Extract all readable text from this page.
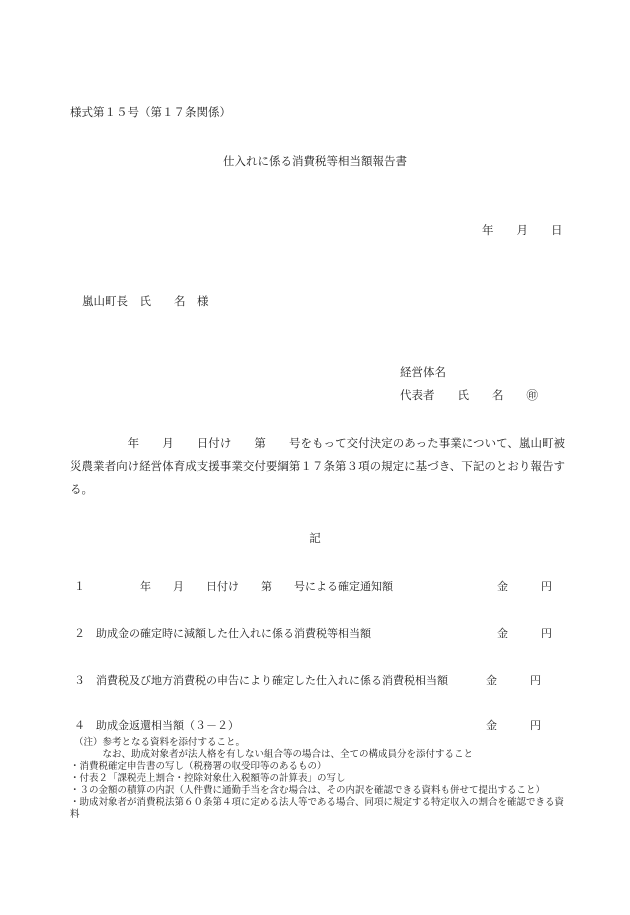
様式第１５号（第１７条関係）
仕入れに係る消費税等相当額報告書
年　　月　　日
嵐山町長　氏　　名　様
経営体名
代表者　　氏　　名　　㊞
　　　　　年　　月　　日付け　　第　　号をもって交付決定のあった事業について、嵐山町被災農業者向け経営体育成支援事業交付要綱第１７条第３項の規定に基づき、下記のとおり報告する。
記
１ 　　　　年　　月　　日付け　　第　　号による確定通知額	金　　　円
２ 助成金の確定時に減額した仕入れに係る消費税等相当額	金　　　円
３ 消費税及び地方消費税の申告により確定した仕入れに係る消費税相当額	金　　　円
４ 助成金返還相当額（３－２）	金　　　円
（注）参考となる資料を添付すること。
　　　なお、助成対象者が法人格を有しない組合等の場合は、全ての構成員分を添付すること
・消費税確定申告書の写し（税務署の収受印等のあるもの）
・付表２「課税売上割合・控除対象仕入税額等の計算表」の写し
・３の金額の積算の内訳（人件費に通勤手当を含む場合は、その内訳を確認できる資料も併せて提出すること）
・助成対象者が消費税法第６０条第４項に定める法人等である場合、同項に規定する特定収入の割合を確認できる資料
